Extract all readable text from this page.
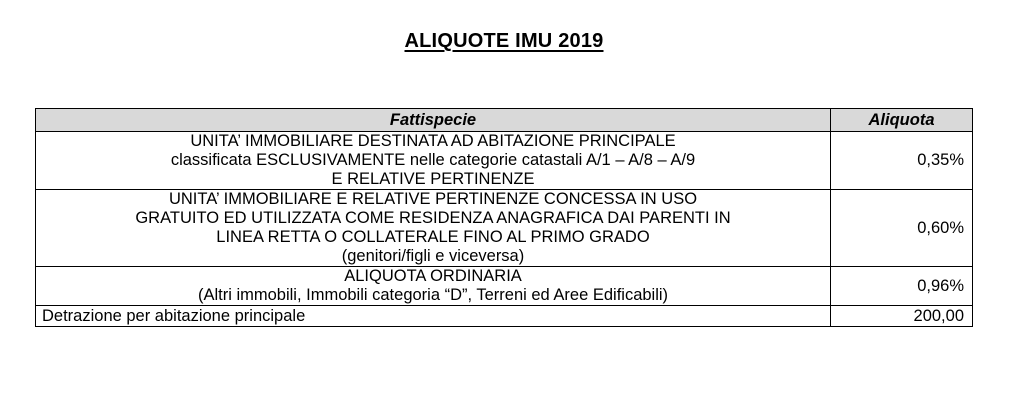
ALIQUOTE IMU 2019
Fattispecie	Aliquota

UNITA’ IMMOBILIARE DESTINATA AD ABITAZIONE PRINCIPALE
classificata ESCLUSIVAMENTE nelle categorie catastali A/1 – A/8 – A/9
E RELATIVE PERTINENZE	0,35%

UNITA’ IMMOBILIARE E RELATIVE PERTINENZE CONCESSA IN USO
GRATUITO ED UTILIZZATA COME RESIDENZA ANAGRAFICA DAI PARENTI IN
LINEA RETTA O COLLATERALE FINO AL PRIMO GRADO
(genitori/figli e viceversa)	0,60%

ALIQUOTA ORDINARIA
(Altri immobili, Immobili categoria “D”, Terreni ed Aree Edificabili)	0,96%
Detrazione per abitazione principale	200,00
